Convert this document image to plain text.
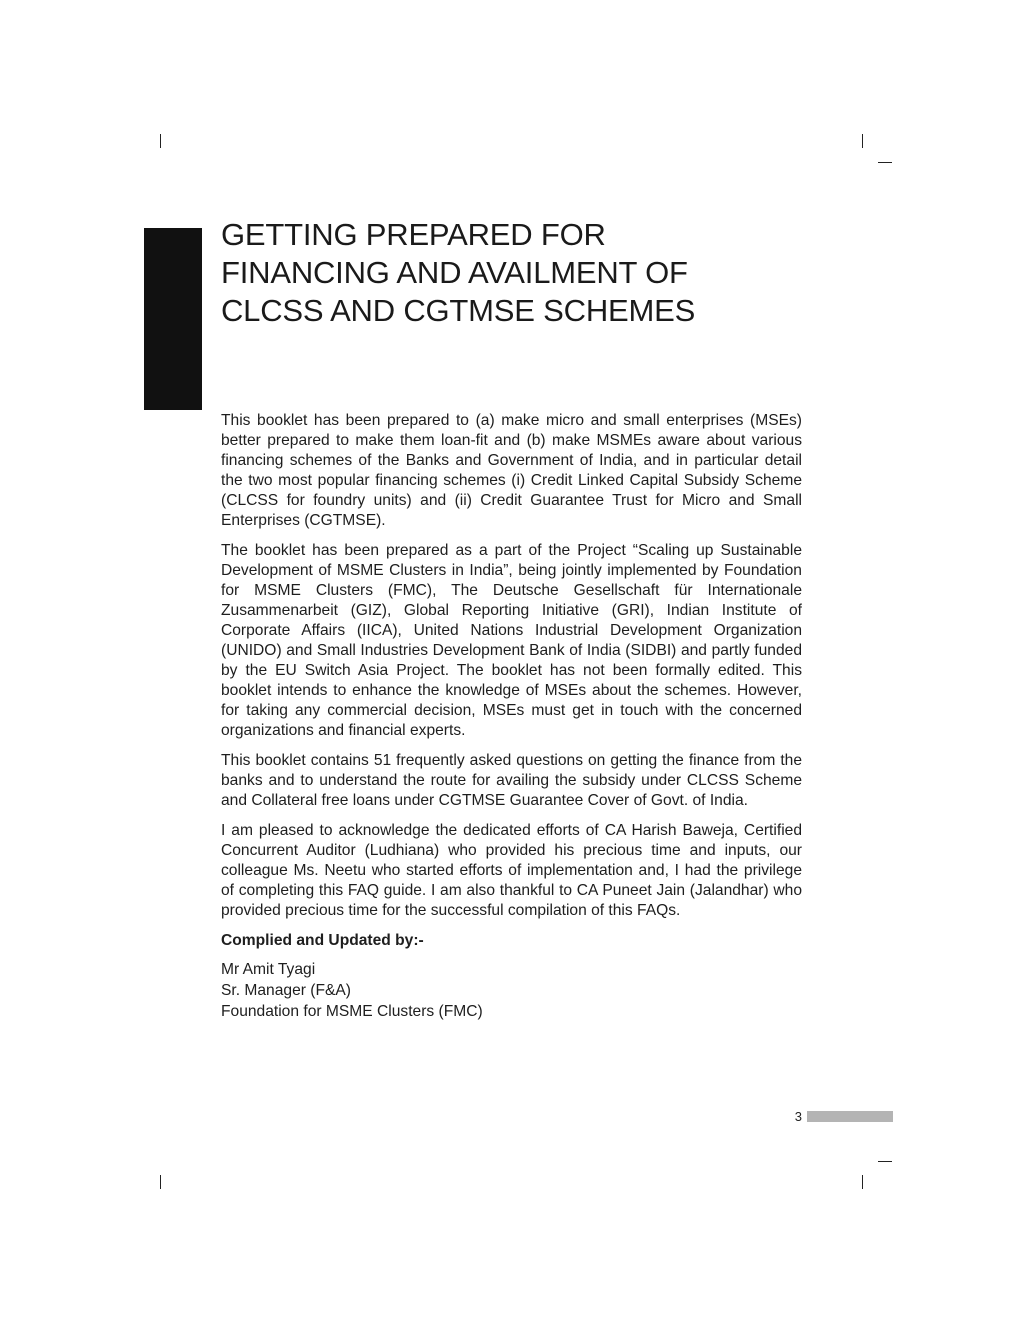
GETTING PREPARED FOR
FINANCING AND AVAILMENT OF
CLCSS AND CGTMSE SCHEMES

This booklet has been prepared to (a) make micro and small enterprises (MSEs) better prepared to make them loan-fit and (b) make MSMEs aware about various financing schemes of the Banks and Government of India, and in particular detail the two most popular financing schemes (i) Credit Linked Capital Subsidy Scheme (CLCSS for foundry units) and (ii) Credit Guarantee Trust for Micro and Small Enterprises (CGTMSE).

The booklet has been prepared as a part of the Project “Scaling up Sustainable Development of MSME Clusters in India”, being jointly implemented by Foundation for MSME Clusters (FMC), The Deutsche Gesellschaft für Internationale Zusammenarbeit (GIZ), Global Reporting Initiative (GRI), Indian Institute of Corporate Affairs (IICA), United Nations Industrial Development Organization (UNIDO) and Small Industries Development Bank of India (SIDBI) and partly funded by the EU Switch Asia Project. The booklet has not been formally edited. This booklet intends to enhance the knowledge of MSEs about the schemes. However, for taking any commercial decision, MSEs must get in touch with the concerned organizations and financial experts.

This booklet contains 51 frequently asked questions on getting the finance from the banks and to understand the route for availing the subsidy under CLCSS Scheme and Collateral free loans under CGTMSE Guarantee Cover of Govt. of India.

I am pleased to acknowledge the dedicated efforts of CA Harish Baweja, Certified Concurrent Auditor (Ludhiana) who provided his precious time and inputs, our colleague Ms. Neetu who started efforts of implementation and, I had the privilege of completing this FAQ guide. I am also thankful to CA Puneet Jain (Jalandhar) who provided precious time for the successful compilation of this FAQs.

Complied and Updated by:-

Mr Amit Tyagi
Sr. Manager (F&A)
Foundation for MSME Clusters (FMC)
3
